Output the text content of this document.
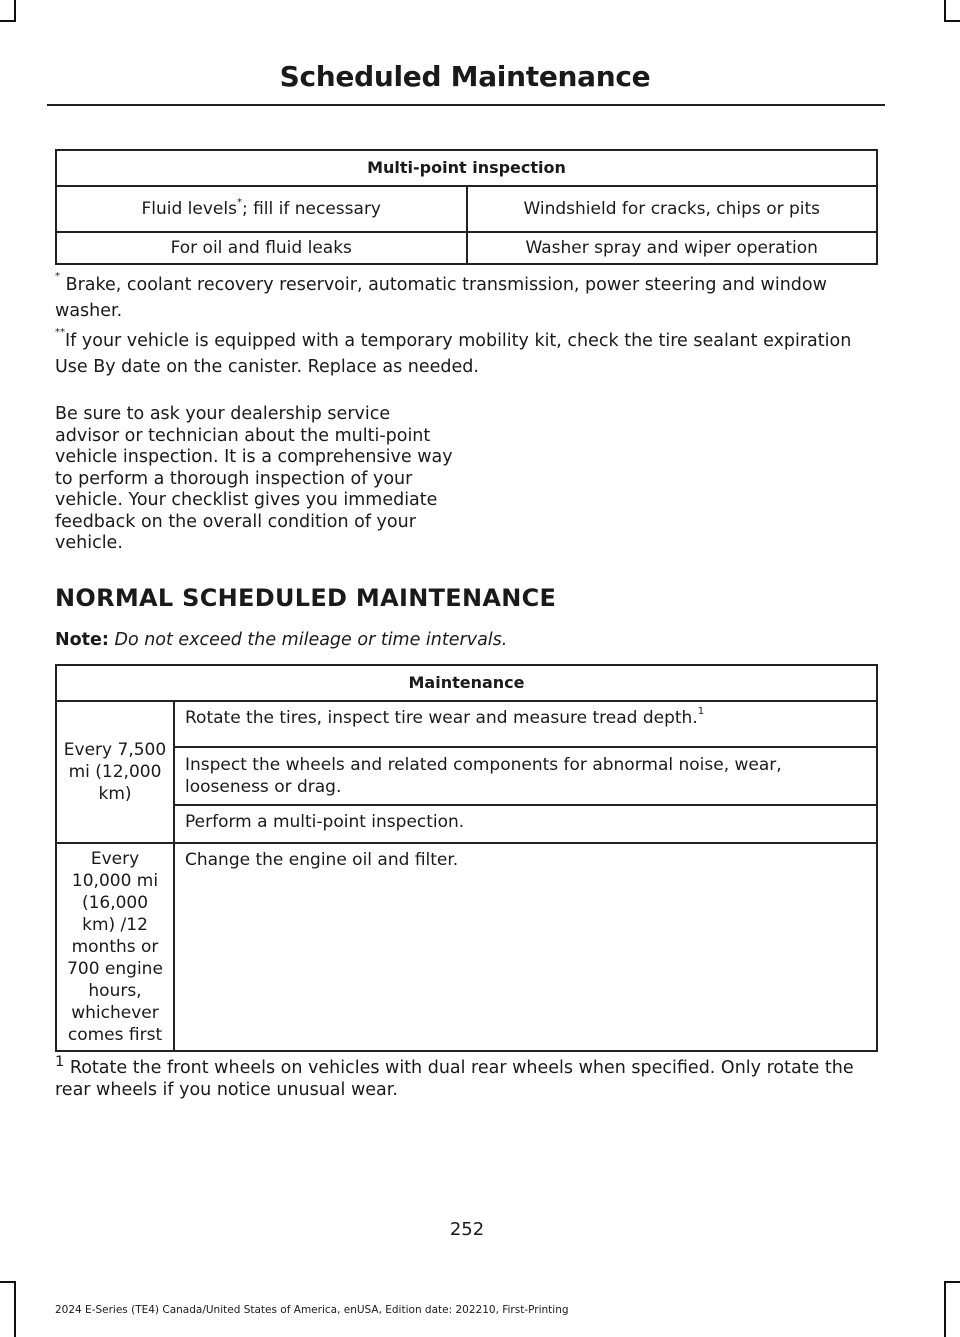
Scheduled Maintenance
Multi-point inspection	
Fluid levels*; fill if necessary	Windshield for cracks, chips or pits
For oil and fluid leaks	Washer spray and wiper operation
* Brake, coolant recovery reservoir, automatic transmission, power steering and window washer.
**If your vehicle is equipped with a temporary mobility kit, check the tire sealant expiration Use By date on the canister. Replace as needed.
Be sure to ask your dealership service advisor or technician about the multi-point vehicle inspection. It is a comprehensive way to perform a thorough inspection of your vehicle. Your checklist gives you immediate feedback on the overall condition of your vehicle.
NORMAL SCHEDULED MAINTENANCE
Note: Do not exceed the mileage or time intervals.
Maintenance	
Every 7,500 mi (12,000 km)	Rotate the tires, inspect tire wear and measure tread depth.$^1$
	Inspect the wheels and related components for abnormal noise, wear, looseness or drag.
	Perform a multi-point inspection.
Every 10,000 mi (16,000 km) /12 months or 700 engine hours, whichever comes first	Change the engine oil and filter.
$^1$ Rotate the front wheels on vehicles with dual rear wheels when specified. Only rotate the rear wheels if you notice unusual wear.
252
2024 E-Series (TE4) Canada/United States of America, enUSA, Edition date: 202210, First-Printing
